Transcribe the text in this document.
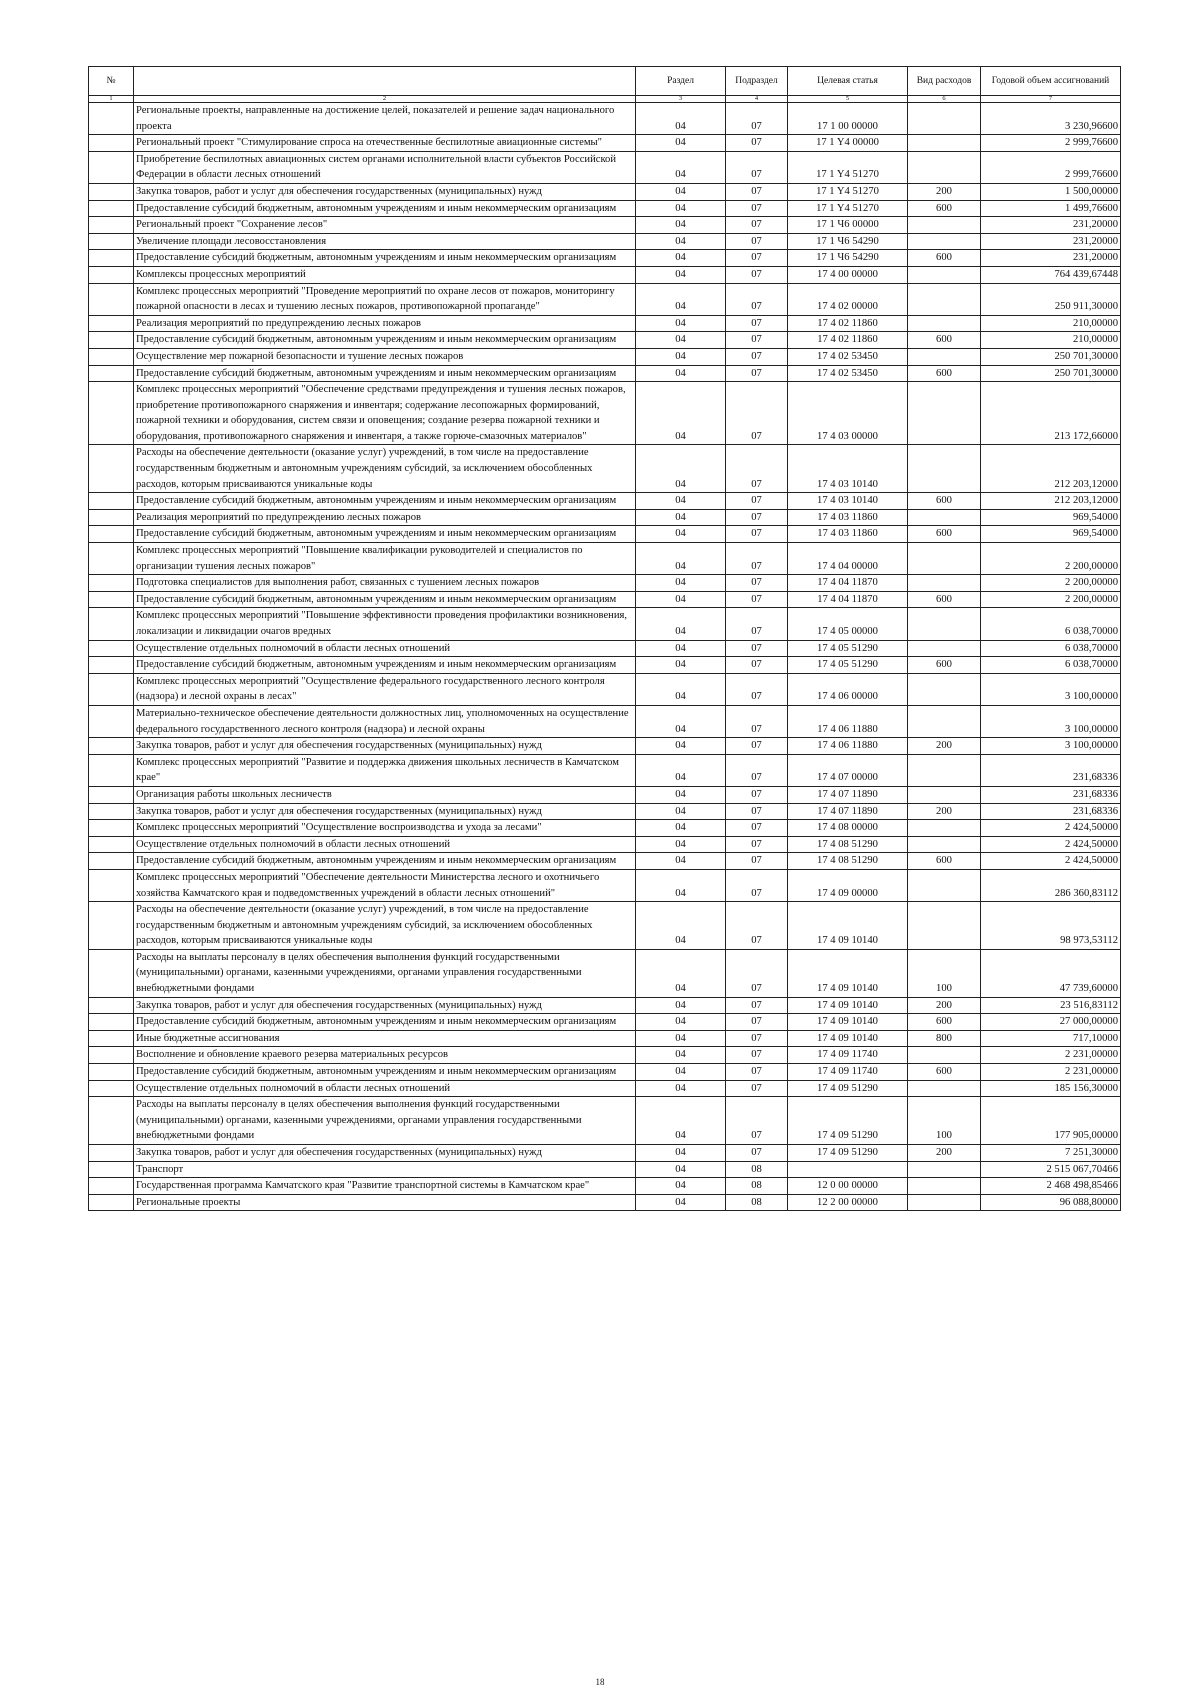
№		Раздел	Подраздел	Целевая статья	Вид расходов	Годовой объем ассигнований
1	2	3	4	5	6	7
	Региональные проекты, направленные на достижение целей, показателей и решение задач национального проекта	04	07	17 1 00 00000		3 230,96600
	Региональный проект "Стимулирование спроса на отечественные беспилотные авиационные системы"	04	07	17 1 Y4 00000		2 999,76600
	Приобретение беспилотных авиационных систем органами исполнительной власти субъектов Российской Федерации в области лесных отношений	04	07	17 1 Y4 51270		2 999,76600
	Закупка товаров, работ и услуг для обеспечения государственных (муниципальных) нужд	04	07	17 1 Y4 51270	200	1 500,00000
	Предоставление субсидий бюджетным, автономным учреждениям и иным некоммерческим организациям	04	07	17 1 Y4 51270	600	1 499,76600
	Региональный проект "Сохранение лесов"	04	07	17 1 Ч6 00000		231,20000
	Увеличение площади лесовосстановления	04	07	17 1 Ч6 54290		231,20000
	Предоставление субсидий бюджетным, автономным учреждениям и иным некоммерческим организациям	04	07	17 1 Ч6 54290	600	231,20000
	Комплексы процессных мероприятий	04	07	17 4 00 00000		764 439,67448
	Комплекс процессных мероприятий "Проведение мероприятий по охране лесов от пожаров, мониторингу пожарной опасности в лесах и тушению лесных пожаров, противопожарной пропаганде"	04	07	17 4 02 00000		250 911,30000
	Реализация мероприятий по предупреждению лесных пожаров	04	07	17 4 02 11860		210,00000
	Предоставление субсидий бюджетным, автономным учреждениям и иным некоммерческим организациям	04	07	17 4 02 11860	600	210,00000
	Осуществление мер пожарной безопасности и тушение лесных пожаров	04	07	17 4 02 53450		250 701,30000
	Предоставление субсидий бюджетным, автономным учреждениям и иным некоммерческим организациям	04	07	17 4 02 53450	600	250 701,30000
	Комплекс процессных мероприятий "Обеспечение средствами предупреждения и тушения лесных пожаров, приобретение противопожарного снаряжения и инвентаря; содержание лесопожарных формирований, пожарной техники и оборудования, систем связи и оповещения; создание резерва пожарной техники и оборудования, противопожарного снаряжения и инвентаря, а также горюче-смазочных материалов"	04	07	17 4 03 00000		213 172,66000
	Расходы на обеспечение деятельности (оказание услуг) учреждений, в том числе на предоставление государственным бюджетным и автономным учреждениям субсидий, за исключением обособленных расходов, которым присваиваются уникальные коды	04	07	17 4 03 10140		212 203,12000
	Предоставление субсидий бюджетным, автономным учреждениям и иным некоммерческим организациям	04	07	17 4 03 10140	600	212 203,12000
	Реализация мероприятий по предупреждению лесных пожаров	04	07	17 4 03 11860		969,54000
	Предоставление субсидий бюджетным, автономным учреждениям и иным некоммерческим организациям	04	07	17 4 03 11860	600	969,54000
	Комплекс процессных мероприятий "Повышение квалификации руководителей и специалистов по организации тушения лесных пожаров"	04	07	17 4 04 00000		2 200,00000
	Подготовка специалистов для выполнения работ, связанных с тушением лесных пожаров	04	07	17 4 04 11870		2 200,00000
	Предоставление субсидий бюджетным, автономным учреждениям и иным некоммерческим организациям	04	07	17 4 04 11870	600	2 200,00000
	Комплекс процессных мероприятий "Повышение эффективности проведения профилактики возникновения, локализации и ликвидации очагов вредных	04	07	17 4 05 00000		6 038,70000
	Осуществление отдельных полномочий в области лесных отношений	04	07	17 4 05 51290		6 038,70000
	Предоставление субсидий бюджетным, автономным учреждениям и иным некоммерческим организациям	04	07	17 4 05 51290	600	6 038,70000
	Комплекс процессных мероприятий "Осуществление федерального государственного лесного контроля (надзора) и лесной охраны в лесах"	04	07	17 4 06 00000		3 100,00000
	Материально-техническое обеспечение деятельности должностных лиц, уполномоченных на осуществление федерального государственного лесного контроля (надзора) и лесной охраны	04	07	17 4 06 11880		3 100,00000
	Закупка товаров, работ и услуг для обеспечения государственных (муниципальных) нужд	04	07	17 4 06 11880	200	3 100,00000
	Комплекс процессных мероприятий "Развитие и поддержка движения школьных лесничеств в Камчатском крае"	04	07	17 4 07 00000		231,68336
	Организация работы школьных лесничеств	04	07	17 4 07 11890		231,68336
	Закупка товаров, работ и услуг для обеспечения государственных (муниципальных) нужд	04	07	17 4 07 11890	200	231,68336
	Комплекс процессных мероприятий "Осуществление воспроизводства и ухода за лесами"	04	07	17 4 08 00000		2 424,50000
	Осуществление отдельных полномочий в области лесных отношений	04	07	17 4 08 51290		2 424,50000
	Предоставление субсидий бюджетным, автономным учреждениям и иным некоммерческим организациям	04	07	17 4 08 51290	600	2 424,50000
	Комплекс процессных мероприятий "Обеспечение деятельности Министерства лесного и охотничьего хозяйства Камчатского края и подведомственных учреждений в области лесных отношений"	04	07	17 4 09 00000		286 360,83112
	Расходы на обеспечение деятельности (оказание услуг) учреждений, в том числе на предоставление государственным бюджетным и автономным учреждениям субсидий, за исключением обособленных расходов, которым присваиваются уникальные коды	04	07	17 4 09 10140		98 973,53112
	Расходы на выплаты персоналу в целях обеспечения выполнения функций государственными (муниципальными) органами, казенными учреждениями, органами управления государственными внебюджетными фондами	04	07	17 4 09 10140	100	47 739,60000
	Закупка товаров, работ и услуг для обеспечения государственных (муниципальных) нужд	04	07	17 4 09 10140	200	23 516,83112
	Предоставление субсидий бюджетным, автономным учреждениям и иным некоммерческим организациям	04	07	17 4 09 10140	600	27 000,00000
	Иные бюджетные ассигнования	04	07	17 4 09 10140	800	717,10000
	Восполнение и обновление краевого резерва материальных ресурсов	04	07	17 4 09 11740		2 231,00000
	Предоставление субсидий бюджетным, автономным учреждениям и иным некоммерческим организациям	04	07	17 4 09 11740	600	2 231,00000
	Осуществление отдельных полномочий в области лесных отношений	04	07	17 4 09 51290		185 156,30000
	Расходы на выплаты персоналу в целях обеспечения выполнения функций государственными (муниципальными) органами, казенными учреждениями, органами управления государственными внебюджетными фондами	04	07	17 4 09 51290	100	177 905,00000
	Закупка товаров, работ и услуг для обеспечения государственных (муниципальных) нужд	04	07	17 4 09 51290	200	7 251,30000
	Транспорт	04	08			2 515 067,70466
	Государственная программа Камчатского края "Развитие транспортной системы в Камчатском крае"	04	08	12 0 00 00000		2 468 498,85466
	Региональные проекты	04	08	12 2 00 00000		96 088,80000
18
